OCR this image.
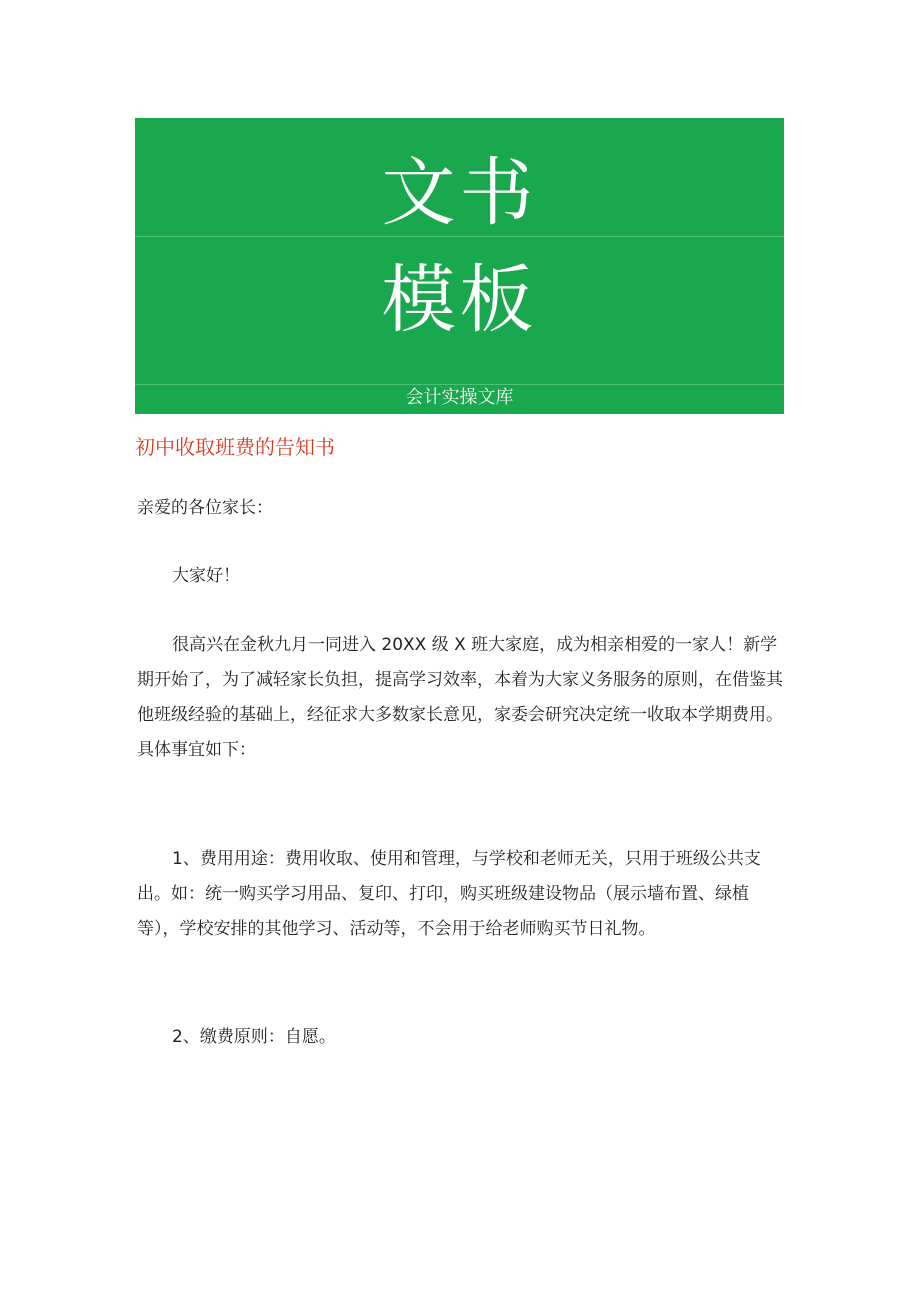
文书
模板
会计实操文库
初中收取班费的告知书

亲爱的各位家长：

大家好！

很高兴在金秋九月一同进入 20XX 级 X 班大家庭，成为相亲相爱的一家人！新学期开始了，为了减轻家长负担，提高学习效率，本着为大家义务服务的原则，在借鉴其他班级经验的基础上，经征求大多数家长意见，家委会研究决定统一收取本学期费用。具体事宜如下：

1、费用用途：费用收取、使用和管理，与学校和老师无关，只用于班级公共支出。如：统一购买学习用品、复印、打印，购买班级建设物品（展示墙布置、绿植等），学校安排的其他学习、活动等，不会用于给老师购买节日礼物。

2、缴费原则：自愿。
